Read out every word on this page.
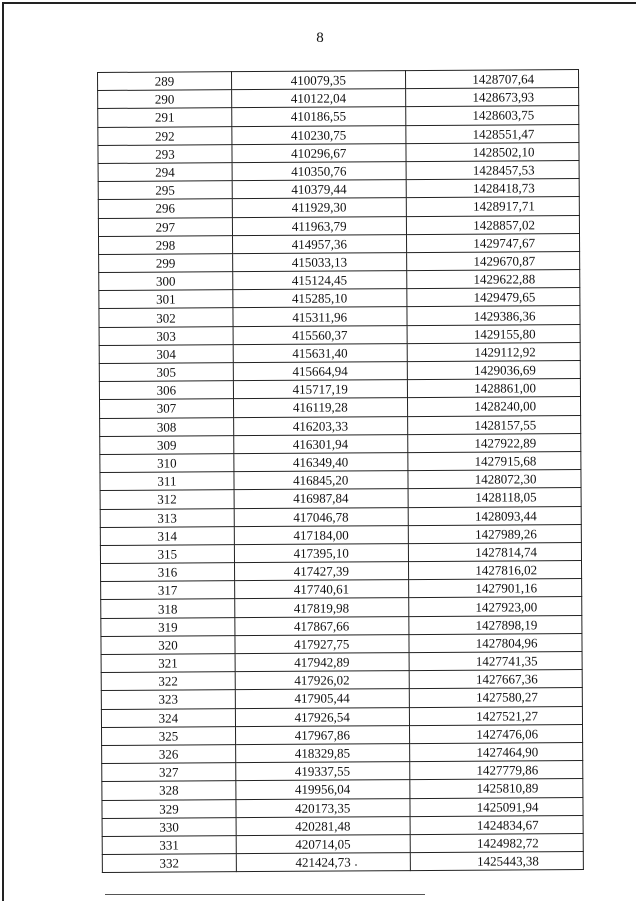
8
289	410079,35	1428707,64
290	410122,04	1428673,93
291	410186,55	1428603,75
292	410230,75	1428551,47
293	410296,67	1428502,10
294	410350,76	1428457,53
295	410379,44	1428418,73
296	411929,30	1428917,71
297	411963,79	1428857,02
298	414957,36	1429747,67
299	415033,13	1429670,87
300	415124,45	1429622,88
301	415285,10	1429479,65
302	415311,96	1429386,36
303	415560,37	1429155,80
304	415631,40	1429112,92
305	415664,94	1429036,69
306	415717,19	1428861,00
307	416119,28	1428240,00
308	416203,33	1428157,55
309	416301,94	1427922,89
310	416349,40	1427915,68
311	416845,20	1428072,30
312	416987,84	1428118,05
313	417046,78	1428093,44
314	417184,00	1427989,26
315	417395,10	1427814,74
316	417427,39	1427816,02
317	417740,61	1427901,16
318	417819,98	1427923,00
319	417867,66	1427898,19
320	417927,75	1427804,96
321	417942,89	1427741,35
322	417926,02	1427667,36
323	417905,44	1427580,27
324	417926,54	1427521,27
325	417967,86	1427476,06
326	418329,85	1427464,90
327	419337,55	1427779,86
328	419956,04	1425810,89
329	420173,35	1425091,94
330	420281,48	1424834,67
331	420714,05	1424982,72
332	421424,73	1425443,38
